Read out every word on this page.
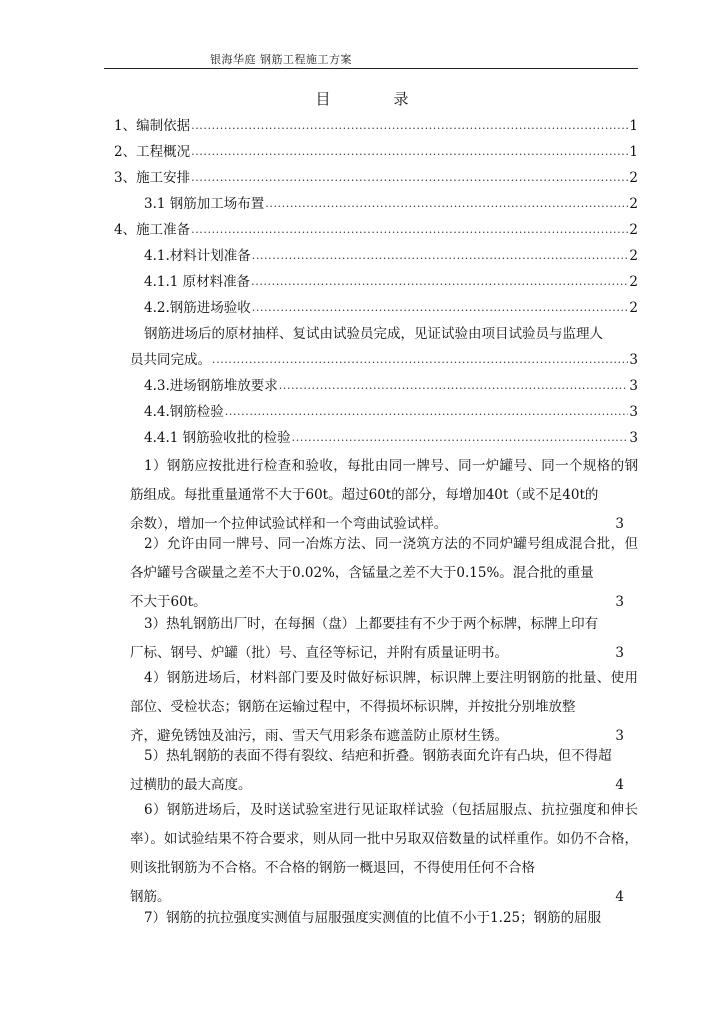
银海华庭 钢筋工程施工方案
目　录
1、编制依据 .....	1
2、工程概况 .....	1
3、施工安排 .....	2
3.1 钢筋加工场布置 .....	2
4、施工准备 .....	2
4.1.材料计划准备 .....	2
4.1.1 原材料准备 .....	2
4.2.钢筋进场验收 .....	2
钢筋进场后的原材抽样、复试由试验员完成，见证试验由项目试验员与监理人
员共同完成。 .....	3
4.3.进场钢筋堆放要求 .....	3
4.4.钢筋检验 .....	3
4.4.1 钢筋验收批的检验 .....	3
1）钢筋应按批进行检查和验收，每批由同一牌号、同一炉罐号、同一个规格的钢筋组成。每批重量通常不大于60t。超过60t的部分，每增加40t（或不足40t的
余数），增加一个拉伸试验试样和一个弯曲试验试样。	3
2）允许由同一牌号、同一冶炼方法、同一浇筑方法的不同炉罐号组成混合批，但各炉罐号含碳量之差不大于0.02%，含锰量之差不大于0.15%。混合批的重量
不大于60t。	3
3）热轧钢筋出厂时，在每捆（盘）上都要挂有不少于两个标牌，标牌上印有
厂标、钢号、炉罐（批）号、直径等标记，并附有质量证明书。	3
4）钢筋进场后，材料部门要及时做好标识牌，标识牌上要注明钢筋的批量、使用部位、受检状态；钢筋在运输过程中，不得损坏标识牌，并按批分别堆放整
齐，避免锈蚀及油污，雨、雪天气用彩条布遮盖防止原材生锈。	3
5）热轧钢筋的表面不得有裂纹、结疤和折叠。钢筋表面允许有凸块，但不得超
过横肋的最大高度。	4
6）钢筋进场后，及时送试验室进行见证取样试验（包括屈服点、抗拉强度和伸长率）。如试验结果不符合要求，则从同一批中另取双倍数量的试样重作。如仍不合格，则该批钢筋为不合格。不合格的钢筋一概退回，不得使用任何不合格
钢筋。	4
7）钢筋的抗拉强度实测值与屈服强度实测值的比值不小于1.25；钢筋的屈服
